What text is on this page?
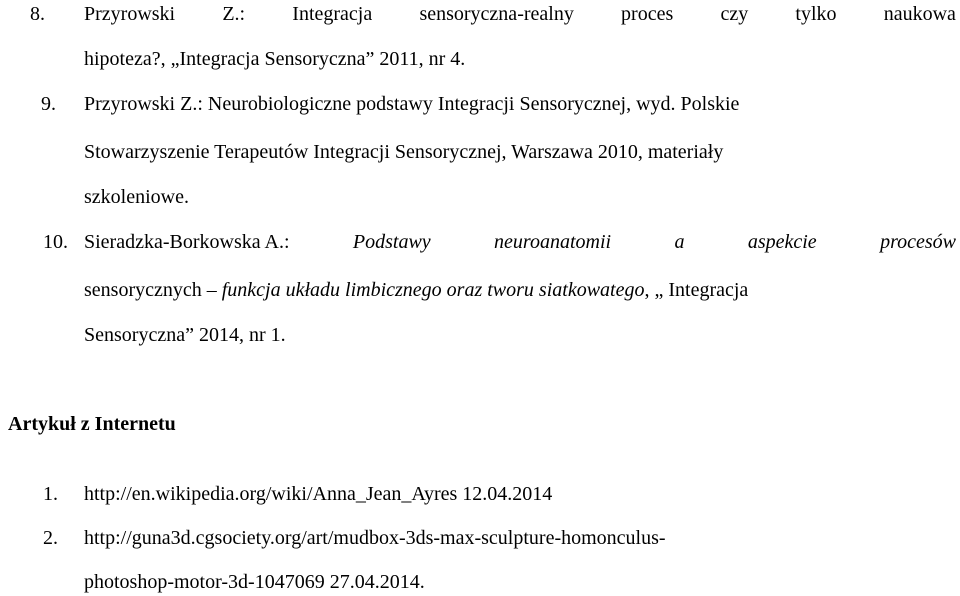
8. Przyrowski Z.: Integracja sensoryczna-realny proces czy tylko naukowa
hipoteza?, „Integracja Sensoryczna” 2011, nr 4.
9. Przyrowski Z.: Neurobiologiczne podstawy Integracji Sensorycznej, wyd. Polskie
Stowarzyszenie Terapeutów Integracji Sensorycznej, Warszawa 2010, materiały
szkoleniowe.
10. Sieradzka-Borkowska A.:	Podstawy	neuroanatomii	a	aspekcie	procesów
sensorycznych – funkcja układu limbicznego oraz tworu siatkowatego, „ Integracja
Sensoryczna” 2014, nr 1.
Artykuł z Internetu
1. http://en.wikipedia.org/wiki/Anna_Jean_Ayres 12.04.2014
2. http://guna3d.cgsociety.org/art/mudbox-3ds-max-sculpture-homonculus-
photoshop-motor-3d-1047069 27.04.2014.
